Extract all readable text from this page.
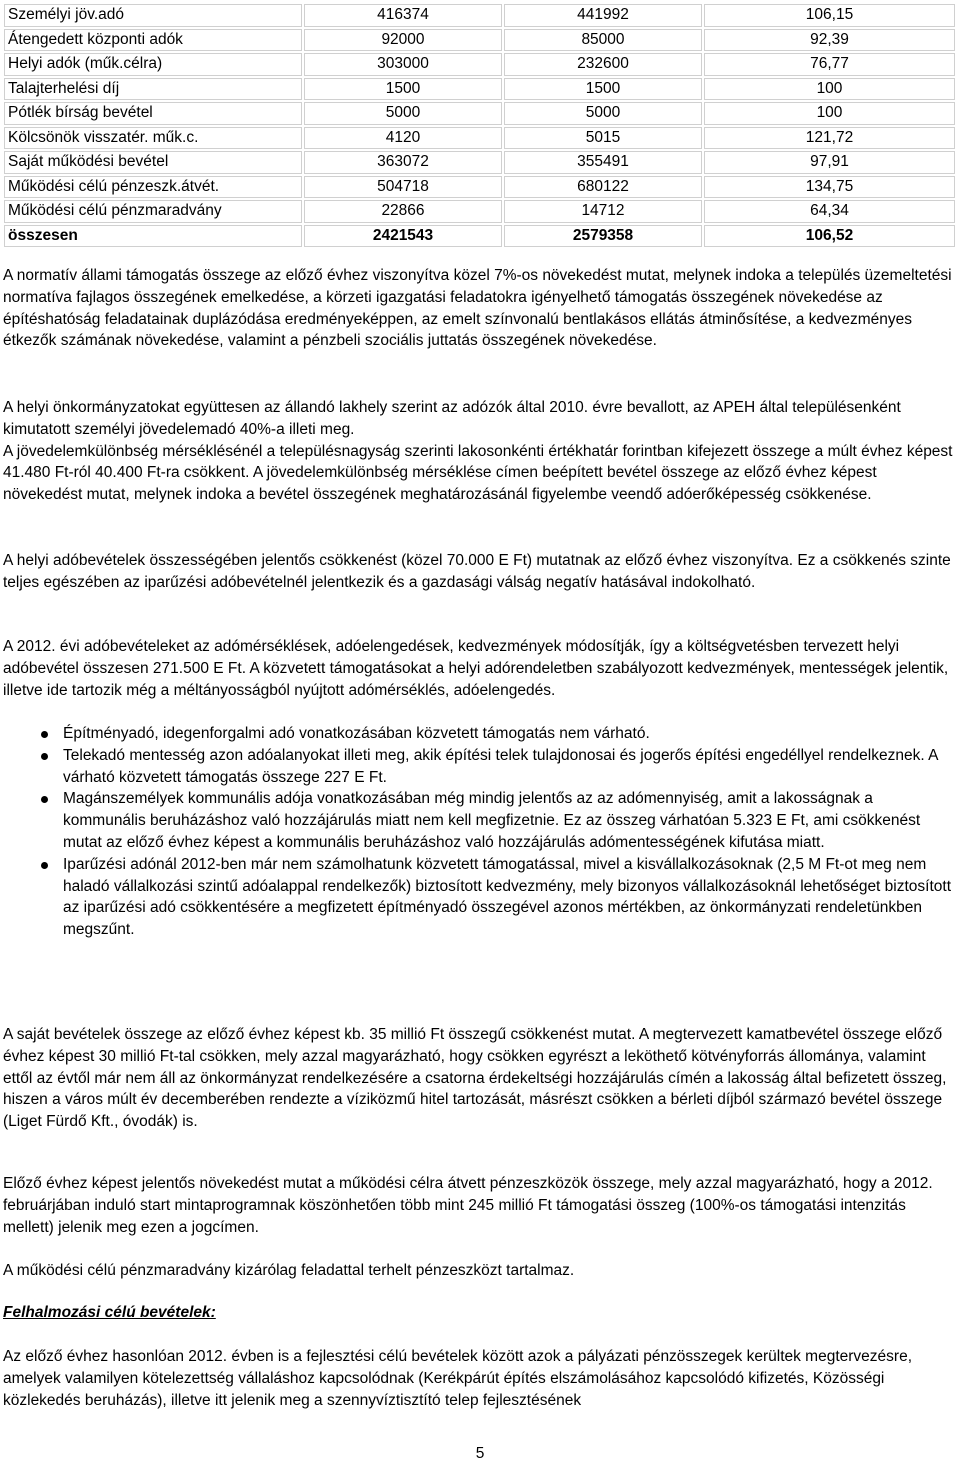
Személyi jöv.adó	416374	441992	106,15
Átengedett központi adók	92000	85000	92,39
Helyi adók (műk.célra)	303000	232600	76,77
Talajterhelési díj	1500	1500	100
Pótlék bírság bevétel	5000	5000	100
Kölcsönök visszatér. műk.c.	4120	5015	121,72
Saját működési bevétel	363072	355491	97,91
Működési célú pénzeszk.átvét.	504718	680122	134,75
Működési célú pénzmaradvány	22866	14712	64,34
összesen	2421543	2579358	106,52

A normatív állami támogatás összege az előző évhez viszonyítva közel 7%-os növekedést mutat, melynek indoka a település üzemeltetési normatíva fajlagos összegének emelkedése, a körzeti igazgatási feladatokra igényelhető támogatás összegének növekedése az építéshatóság feladatainak duplázódása eredményeképpen, az emelt színvonalú bentlakásos ellátás átminősítése, a kedvezményes étkezők számának növekedése, valamint a pénzbeli szociális juttatás összegének növekedése.

A helyi önkormányzatokat együttesen az állandó lakhely szerint az adózók által 2010. évre bevallott, az APEH által településenként kimutatott személyi jövedelemadó 40%-a illeti meg.

A jövedelemkülönbség mérséklésénél a településnagyság szerinti lakosonkénti értékhatár forintban kifejezett összege a múlt évhez képest 41.480 Ft-ról 40.400 Ft-ra csökkent. A jövedelemkülönbség mérséklése címen beépített bevétel összege az előző évhez képest növekedést mutat, melynek indoka a bevétel összegének meghatározásánál figyelembe veendő adóerőképesség csökkenése.

A helyi adóbevételek összességében jelentős csökkenést (közel 70.000 E Ft) mutatnak az előző évhez viszonyítva. Ez a csökkenés szinte teljes egészében az iparűzési adóbevételnél jelentkezik és a gazdasági válság negatív hatásával indokolható.

A 2012. évi adóbevételeket az adómérséklések, adóelengedések, kedvezmények módosítják, így a költségvetésben tervezett helyi adóbevétel összesen 271.500 E Ft. A közvetett támogatásokat a helyi adórendeletben szabályozott kedvezmények, mentességek jelentik, illetve ide tartozik még a méltányosságból nyújtott adómérséklés, adóelengedés.

Építményadó, idegenforgalmi adó vonatkozásában közvetett támogatás nem várható.
Telekadó mentesség azon adóalanyokat illeti meg, akik építési telek tulajdonosai és jogerős építési engedéllyel rendelkeznek. A várható közvetett támogatás összege 227 E Ft.
Magánszemélyek kommunális adója vonatkozásában még mindig jelentős az az adómennyiség, amit a lakosságnak a kommunális beruházáshoz való hozzájárulás miatt nem kell megfizetnie. Ez az összeg várhatóan 5.323 E Ft, ami csökkenést mutat az előző évhez képest a kommunális beruházáshoz való hozzájárulás adómentességének kifutása miatt.
Iparűzési adónál 2012-ben már nem számolhatunk közvetett támogatással, mivel a kisvállalkozásoknak (2,5 M Ft-ot meg nem haladó vállalkozási szintű adóalappal rendelkezők) biztosított kedvezmény, mely bizonyos vállalkozásoknál lehetőséget biztosított az iparűzési adó csökkentésére a megfizetett építményadó összegével azonos mértékben, az önkormányzati rendeletünkben megszűnt.

A saját bevételek összege az előző évhez képest kb. 35 millió Ft összegű csökkenést mutat. A megtervezett kamatbevétel összege előző évhez képest 30 millió Ft-tal csökken, mely azzal magyarázható, hogy csökken egyrészt a leköthető kötvényforrás állománya, valamint ettől az évtől már nem áll az önkormányzat rendelkezésére a csatorna érdekeltségi hozzájárulás címén a lakosság által befizetett összeg, hiszen a város múlt év decemberében rendezte a víziközmű hitel tartozását, másrészt csökken a bérleti díjból származó bevétel összege (Liget Fürdő Kft., óvodák) is.

Előző évhez képest jelentős növekedést mutat a működési célra átvett pénzeszközök összege, mely azzal magyarázható, hogy a 2012. februárjában induló start mintaprogramnak köszönhetően több mint 245 millió Ft támogatási összeg (100%-os támogatási intenzitás mellett) jelenik meg ezen a jogcímen.

A működési célú pénzmaradvány kizárólag feladattal terhelt pénzeszközt tartalmaz.

Felhalmozási célú bevételek:

Az előző évhez hasonlóan 2012. évben is a fejlesztési célú bevételek között azok a pályázati pénzösszegek kerültek megtervezésre, amelyek valamilyen kötelezettség vállaláshoz kapcsolódnak (Kerékpárút építés elszámolásához kapcsolódó kifizetés, Közösségi közlekedés beruházás), illetve itt jelenik meg a szennyvíztisztító telep fejlesztésének

5
